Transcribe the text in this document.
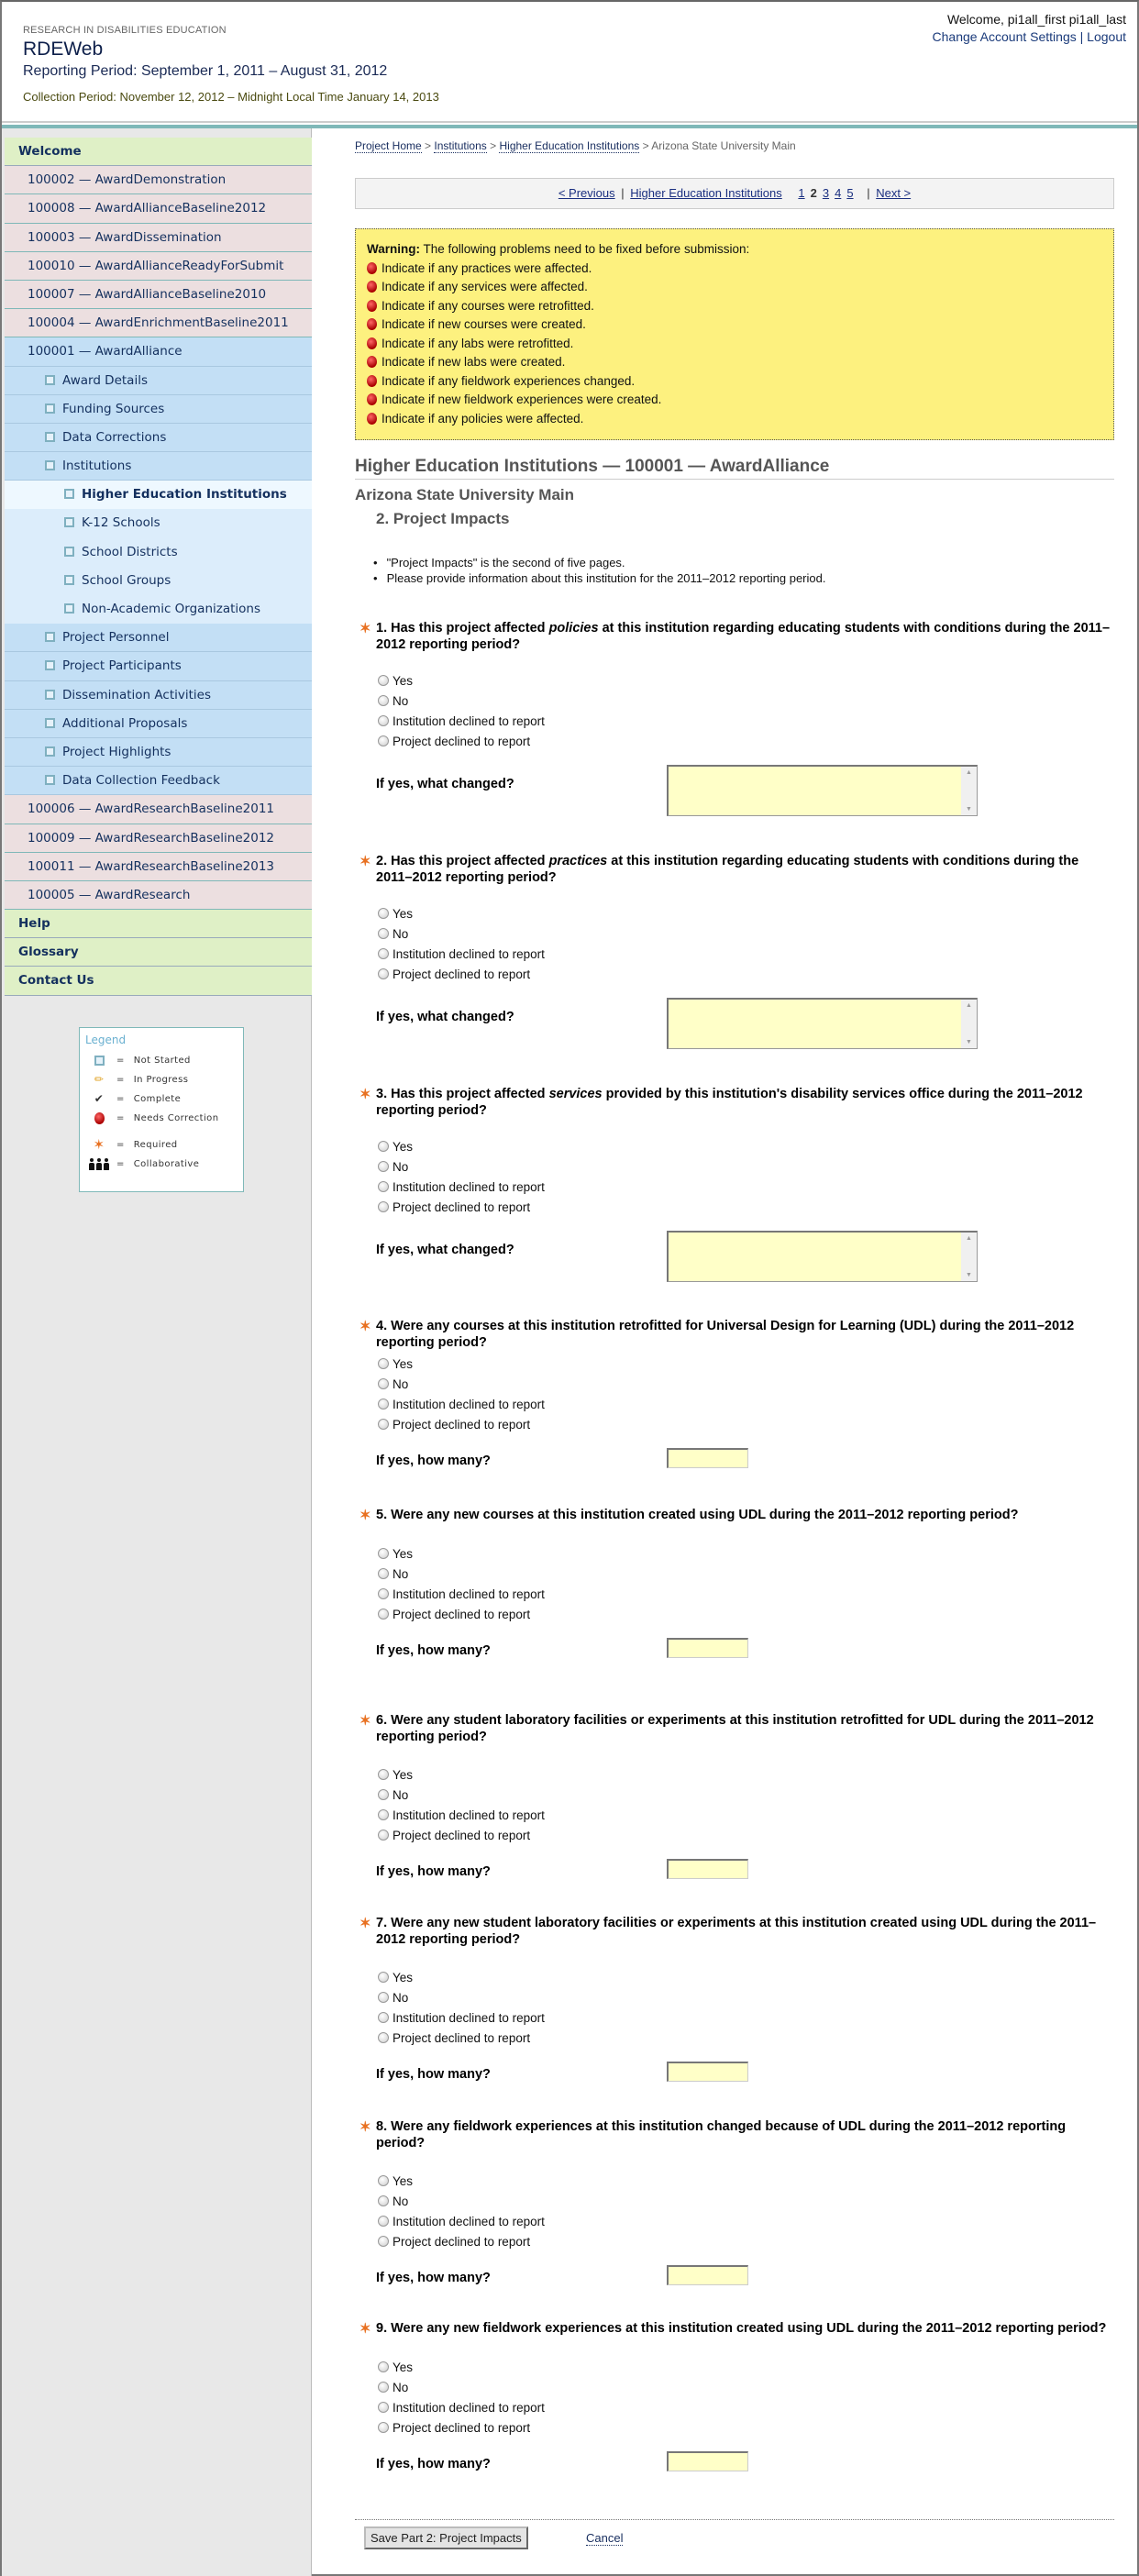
RESEARCH IN DISABILITIES EDUCATION
RDEWeb
Reporting Period: September 1, 2011 – August 31, 2012
Collection Period: November 12, 2012 – Midnight Local Time January 14, 2013
Welcome, pi1all_first pi1all_last
Change Account Settings | Logout
Welcome
100002 — AwardDemonstration
100008 — AwardAllianceBaseline2012
100003 — AwardDissemination
100010 — AwardAllianceReadyForSubmit
100007 — AwardAllianceBaseline2010
100004 — AwardEnrichmentBaseline2011
100001 — AwardAlliance
Award Details
Funding Sources
Data Corrections
Institutions
Higher Education Institutions
K-12 Schools
School Districts
School Groups
Non-Academic Organizations
Project Personnel
Project Participants
Dissemination Activities
Additional Proposals
Project Highlights
Data Collection Feedback
100006 — AwardResearchBaseline2011
100009 — AwardResearchBaseline2012
100011 — AwardResearchBaseline2013
100005 — AwardResearch
Help
Glossary
Contact Us
Legend
= Not Started
✏ = In Progress
✔ = Complete
= Needs Correction
✶ = Required
= Collaborative
Project Home > Institutions > Higher Education Institutions > Arizona State University Main
< Previous | Higher Education Institutions 1 2 3 4 5 | Next >
Warning: The following problems need to be fixed before submission:
Indicate if any practices were affected.
Indicate if any services were affected.
Indicate if any courses were retrofitted.
Indicate if new courses were created.
Indicate if any labs were retrofitted.
Indicate if new labs were created.
Indicate if any fieldwork experiences changed.
Indicate if new fieldwork experiences were created.
Indicate if any policies were affected.
Higher Education Institutions — 100001 — AwardAlliance
Arizona State University Main
2. Project Impacts
• "Project Impacts" is the second of five pages.
• Please provide information about this institution for the 2011–2012 reporting period.
✶ 1. Has this project affected policies at this institution regarding educating students with conditions during the 2011–2012 reporting period?
Yes
No
Institution declined to report
Project declined to report
If yes, what changed?
▲
▼
✶ 2. Has this project affected practices at this institution regarding educating students with conditions during the 2011–2012 reporting period?
Yes
No
Institution declined to report
Project declined to report
If yes, what changed?
▲
▼
✶ 3. Has this project affected services provided by this institution's disability services office during the 2011–2012 reporting period?
Yes
No
Institution declined to report
Project declined to report
If yes, what changed?
▲
▼
✶ 4. Were any courses at this institution retrofitted for Universal Design for Learning (UDL) during the 2011–2012 reporting period?
Yes
No
Institution declined to report
Project declined to report
If yes, how many?
✶ 5. Were any new courses at this institution created using UDL during the 2011–2012 reporting period?
Yes
No
Institution declined to report
Project declined to report
If yes, how many?
✶ 6. Were any student laboratory facilities or experiments at this institution retrofitted for UDL during the 2011–2012 reporting period?
Yes
No
Institution declined to report
Project declined to report
If yes, how many?
✶ 7. Were any new student laboratory facilities or experiments at this institution created using UDL during the 2011–2012 reporting period?
Yes
No
Institution declined to report
Project declined to report
If yes, how many?
✶ 8. Were any fieldwork experiences at this institution changed because of UDL during the 2011–2012 reporting period?
Yes
No
Institution declined to report
Project declined to report
If yes, how many?
✶ 9. Were any new fieldwork experiences at this institution created using UDL during the 2011–2012 reporting period?
Yes
No
Institution declined to report
Project declined to report
If yes, how many?
Save Part 2: Project Impacts	Cancel
